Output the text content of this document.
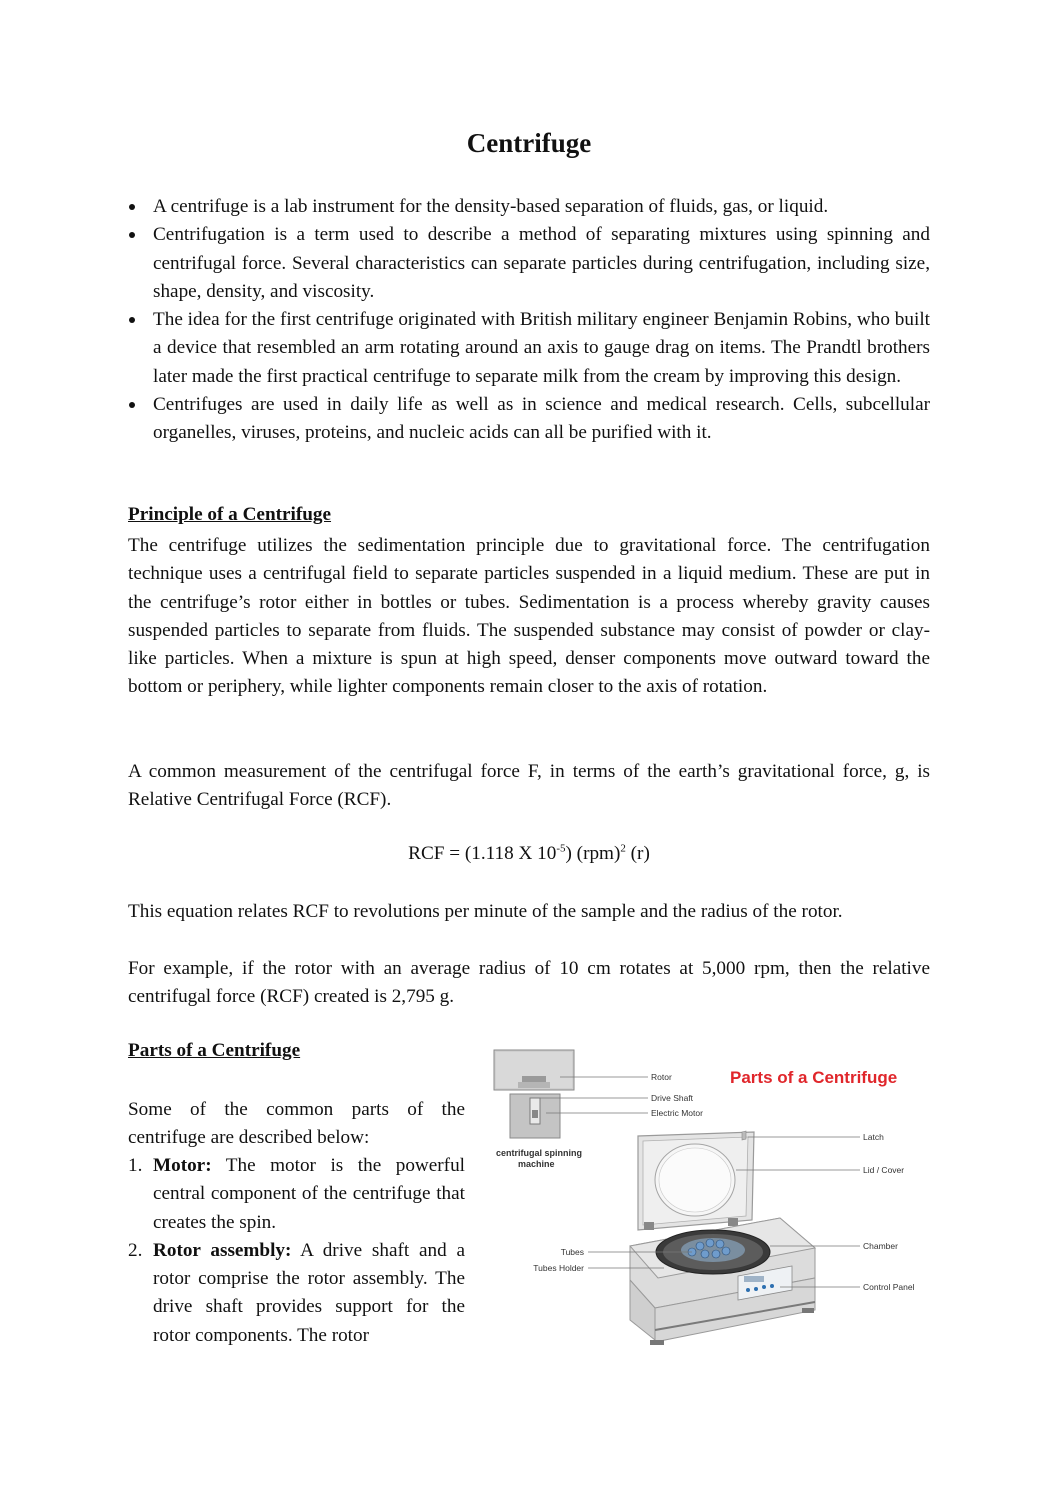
Centrifuge
A centrifuge is a lab instrument for the density-based separation of fluids, gas, or liquid.
Centrifugation is a term used to describe a method of separating mixtures using spinning and centrifugal force. Several characteristics can separate particles during centrifugation, including size, shape, density, and viscosity.
The idea for the first centrifuge originated with British military engineer Benjamin Robins, who built a device that resembled an arm rotating around an axis to gauge drag on items. The Prandtl brothers later made the first practical centrifuge to separate milk from the cream by improving this design.
Centrifuges are used in daily life as well as in science and medical research. Cells, subcellular organelles, viruses, proteins, and nucleic acids can all be purified with it.
Principle of a Centrifuge

The centrifuge utilizes the sedimentation principle due to gravitational force. The centrifugation technique uses a centrifugal field to separate particles suspended in a liquid medium. These are put in the centrifuge’s rotor either in bottles or tubes. Sedimentation is a process whereby gravity causes suspended particles to separate from fluids. The suspended substance may consist of powder or clay-like particles. When a mixture is spun at high speed, denser components move outward toward the bottom or periphery, while lighter components remain closer to the axis of rotation.

A common measurement of the centrifugal force F, in terms of the earth’s gravitational force, g, is Relative Centrifugal Force (RCF).

RCF = (1.118 X $10^{-5}$) (rpm)$^2$ (r)

This equation relates RCF to revolutions per minute of the sample and the radius of the rotor.

For example, if the rotor with an average radius of 10 cm rotates at 5,000 rpm, then the relative centrifugal force (RCF) created is 2,795 g.

Parts of a Centrifuge

Some of the common parts of the centrifuge are described below:

1. Motor: The motor is the powerful central component of the centrifuge that creates the spin.
2. Rotor assembly: A drive shaft and a rotor comprise the rotor assembly. The drive shaft provides support for the rotor components. The rotor
centrifugal spinning
machine
Rotor
Drive Shaft
Electric Motor
Parts of a Centrifuge
Latch
Lid / Cover
Chamber
Control Panel
Tubes
Tubes Holder
